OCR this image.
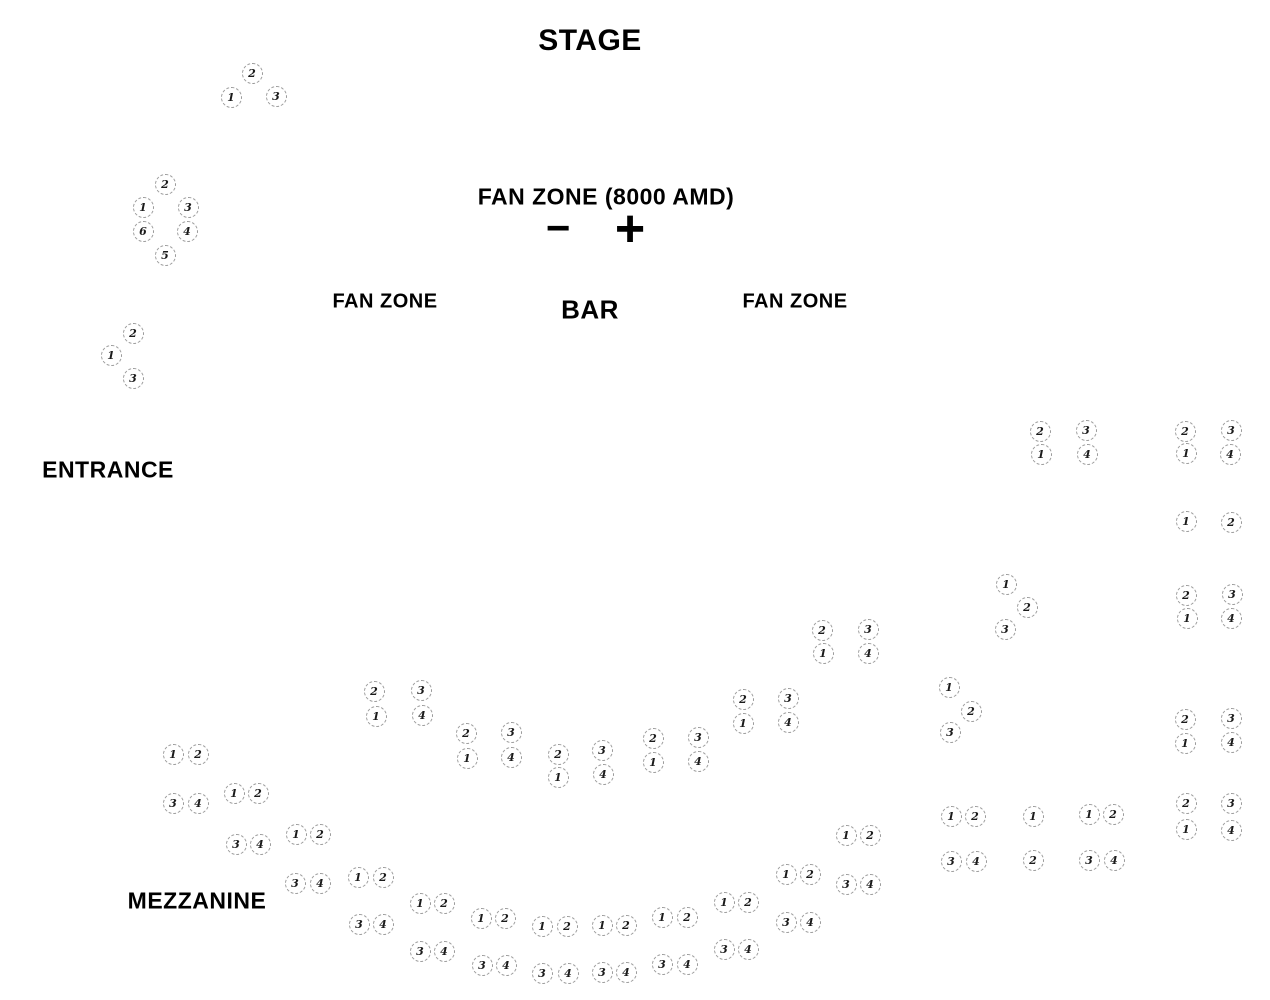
STAGE
FAN ZONE (8000 AMD)
− +
FAN ZONE	BAR	FAN ZONE
ENTRANCE
MEZZANINE
2
1	3
2
1	3
6	4
5
2
1
3
2	3
1	4
2	3
1	4
1	2
1
2
3
2	3
1	4
1
2
3
2	3
1	4
2	3
1	4
2	3
1	4
2	3
1	4
2	3
1	4
2	3
1	4	2	3
1	4
2	3
1	4
1	2
3	4
1	2
3	4
1	2
3	4	1	2
3	4
1	2
3	4
1	2
3	4
1	2
3	4
1	2
3	4
1	2
3	4
1	2
3	4
1	2
3	4
1	2
3	4
1	2
3	4
1
2
1	2
3	4
